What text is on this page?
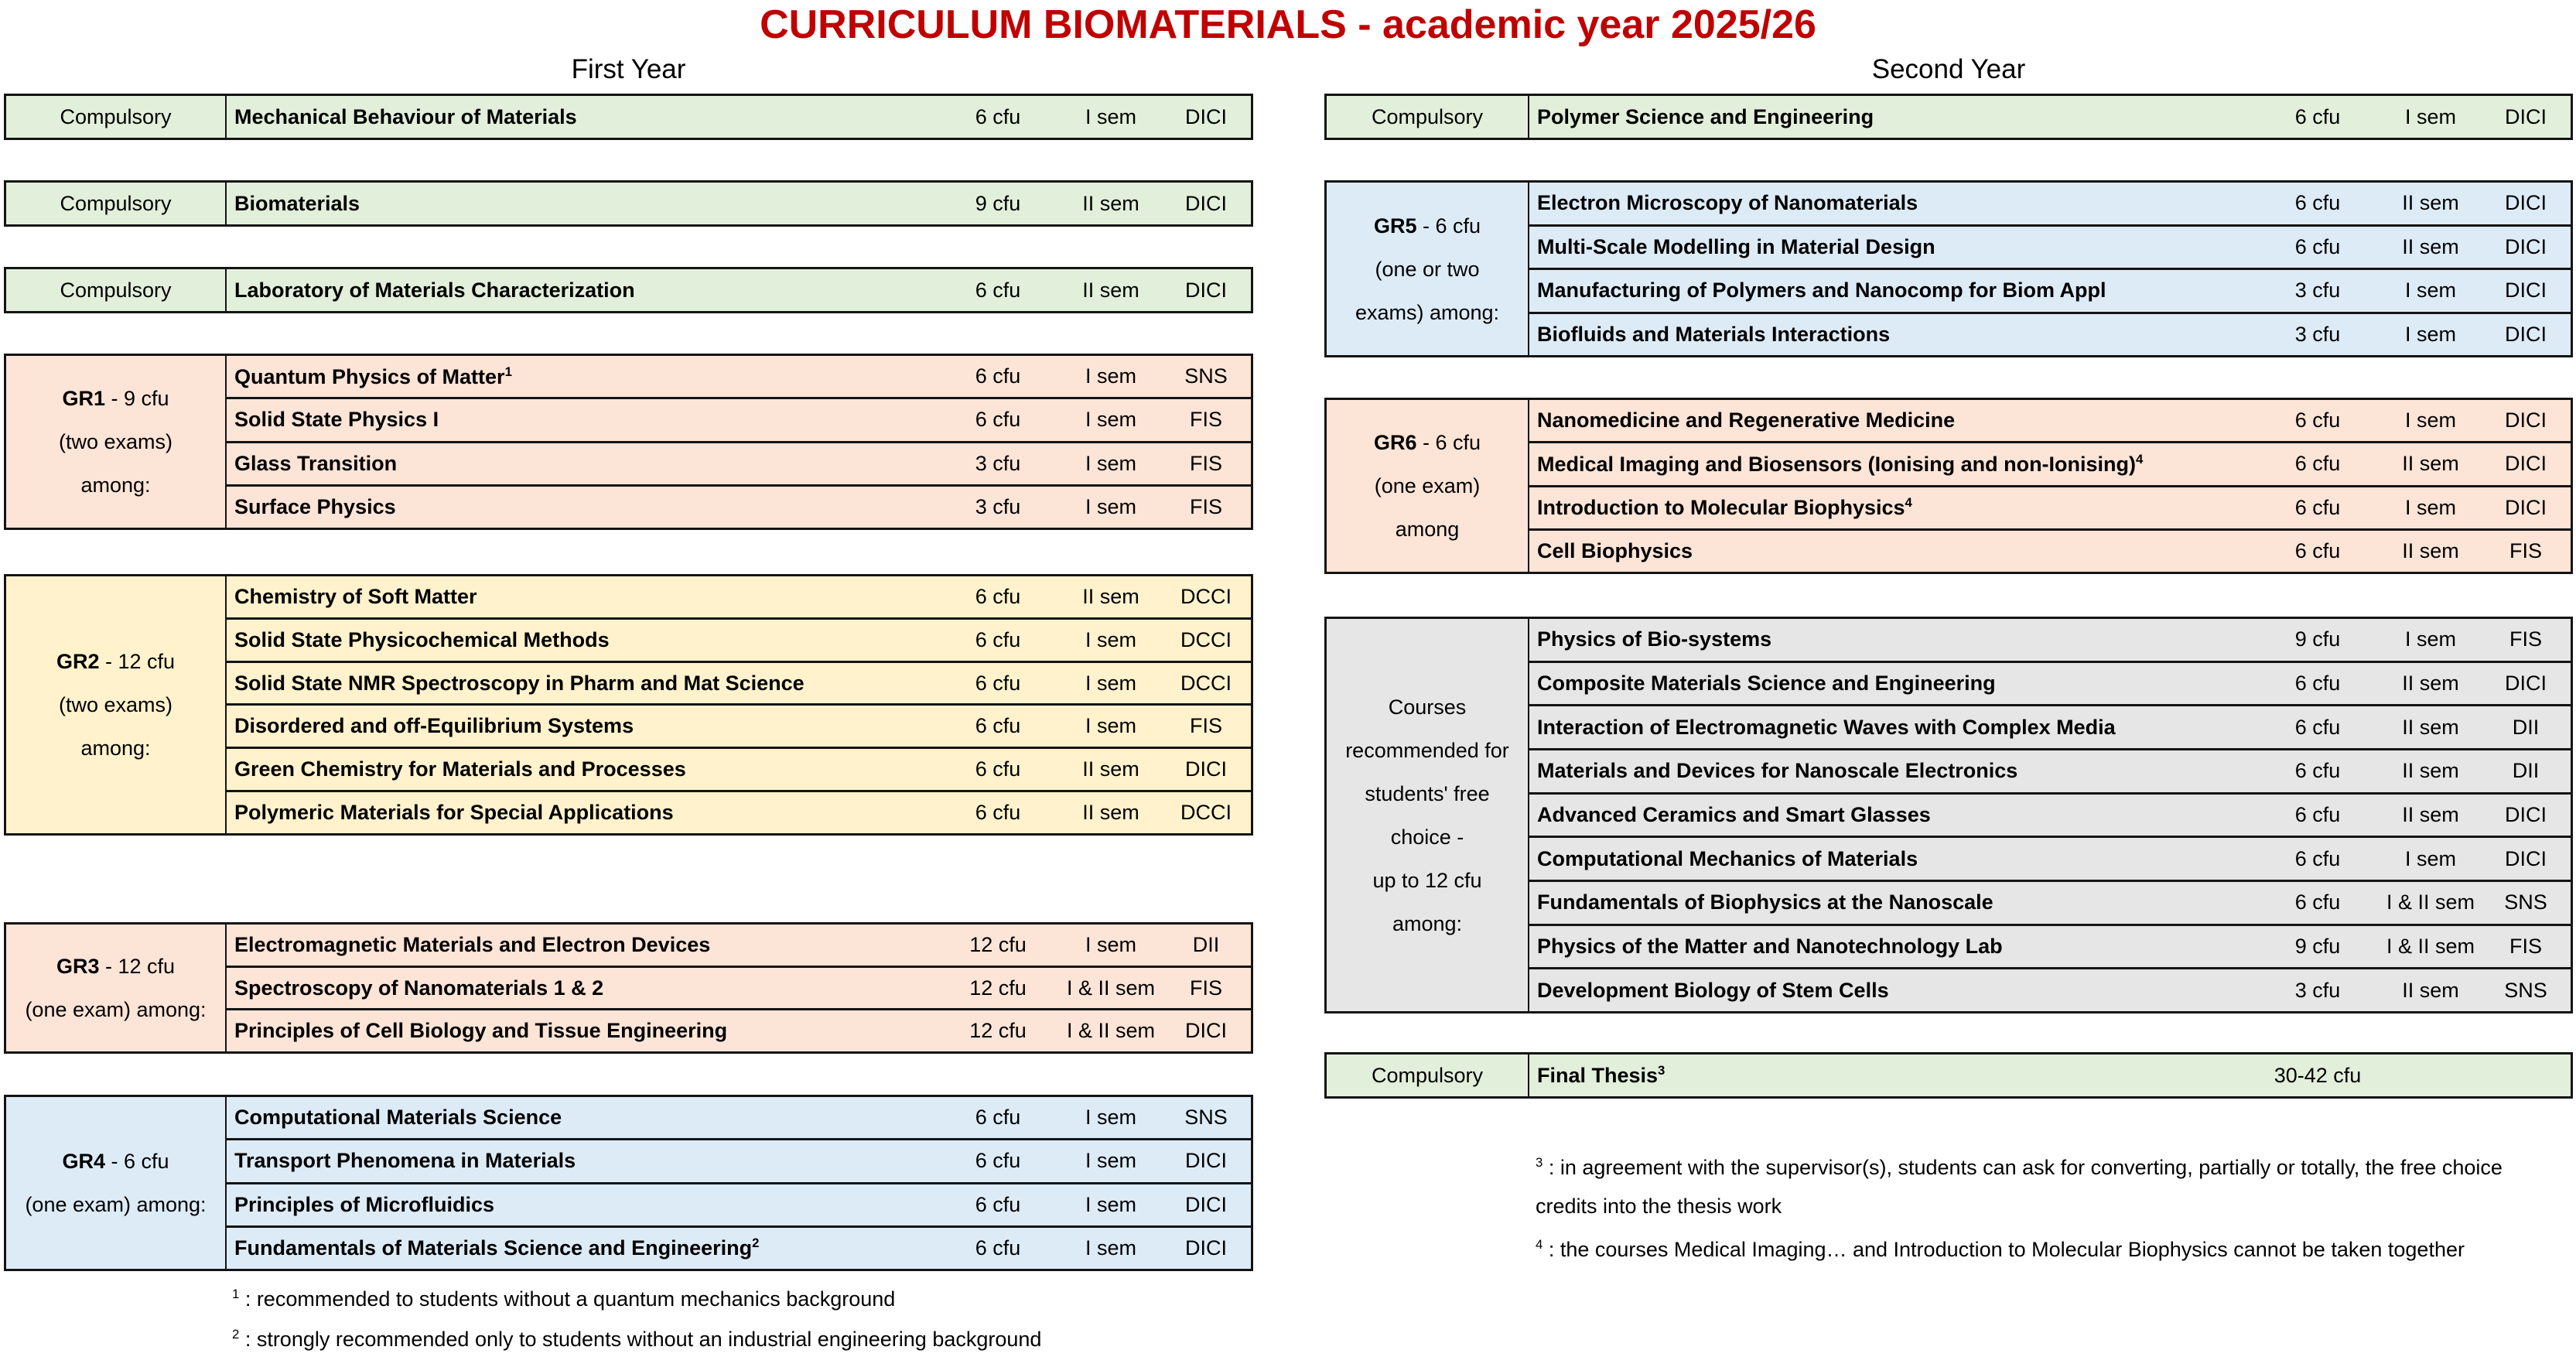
CURRICULUM BIOMATERIALS - academic year 2025/26
First Year	Second Year
Compulsory	Mechanical Behaviour of Materials	6 cfu	I sem	DICI
Compulsory	Biomaterials	9 cfu	II sem	DICI
Compulsory	Laboratory of Materials Characterization	6 cfu	II sem	DICI
GR1 - 9 cfu
(two exams)
among:
Quantum Physics of Matter$^1$	6 cfu	I sem	SNS
Solid State Physics I	6 cfu	I sem	FIS
Glass Transition	3 cfu	I sem	FIS
Surface Physics	3 cfu	I sem	FIS
GR2 - 12 cfu
(two exams)
among:
Chemistry of Soft Matter	6 cfu	II sem	DCCI
Solid State Physicochemical Methods	6 cfu	I sem	DCCI
Solid State NMR Spectroscopy in Pharm and Mat Science	6 cfu	I sem	DCCI
Disordered and off-Equilibrium Systems	6 cfu	I sem	FIS
Green Chemistry for Materials and Processes	6 cfu	II sem	DICI
Polymeric Materials for Special Applications	6 cfu	II sem	DCCI
GR3 - 12 cfu
(one exam) among:
Electromagnetic Materials and Electron Devices	12 cfu	I sem	DII
Spectroscopy of Nanomaterials 1 & 2	12 cfu	I & II sem	FIS
Principles of Cell Biology and Tissue Engineering	12 cfu	I & II sem	DICI
GR4 - 6 cfu
(one exam) among:
Computational Materials Science	6 cfu	I sem	SNS
Transport Phenomena in Materials	6 cfu	I sem	DICI
Principles of Microfluidics	6 cfu	I sem	DICI
Fundamentals of Materials Science and Engineering$^2$	6 cfu	I sem	DICI
Compulsory	Polymer Science and Engineering	6 cfu	I sem	DICI
GR5 - 6 cfu
(one or two
exams) among:
Electron Microscopy of Nanomaterials	6 cfu	II sem	DICI
Multi-Scale Modelling in Material Design	6 cfu	II sem	DICI
Manufacturing of Polymers and Nanocomp for Biom Appl	3 cfu	I sem	DICI
Biofluids and Materials Interactions	3 cfu	I sem	DICI
GR6 - 6 cfu
(one exam)
among
Nanomedicine and Regenerative Medicine	6 cfu	I sem	DICI
Medical Imaging and Biosensors (Ionising and non-Ionising)$^4$	6 cfu	II sem	DICI
Introduction to Molecular Biophysics$^4$	6 cfu	I sem	DICI
Cell Biophysics	6 cfu	II sem	FIS
Courses
recommended for
students' free
choice -
up to 12 cfu
among:
Physics of Bio-systems	9 cfu	I sem	FIS
Composite Materials Science and Engineering	6 cfu	II sem	DICI
Interaction of Electromagnetic Waves with Complex Media	6 cfu	II sem	DII
Materials and Devices for Nanoscale Electronics	6 cfu	II sem	DII
Advanced Ceramics and Smart Glasses	6 cfu	II sem	DICI
Computational Mechanics of Materials	6 cfu	I sem	DICI
Fundamentals of Biophysics at the Nanoscale	6 cfu	I & II sem	SNS
Physics of the Matter and Nanotechnology Lab	9 cfu	I & II sem	FIS
Development Biology of Stem Cells	3 cfu	II sem	SNS
Compulsory	Final Thesis$^3$	30-42 cfu
$^1$ : recommended to students without a quantum mechanics background
$^2$ : strongly recommended only to students without an industrial engineering background
$^3$ : in agreement with the supervisor(s), students can ask for converting, partially or totally, the free choice credits into the thesis work
$^4$ : the courses Medical Imaging… and Introduction to Molecular Biophysics cannot be taken together
